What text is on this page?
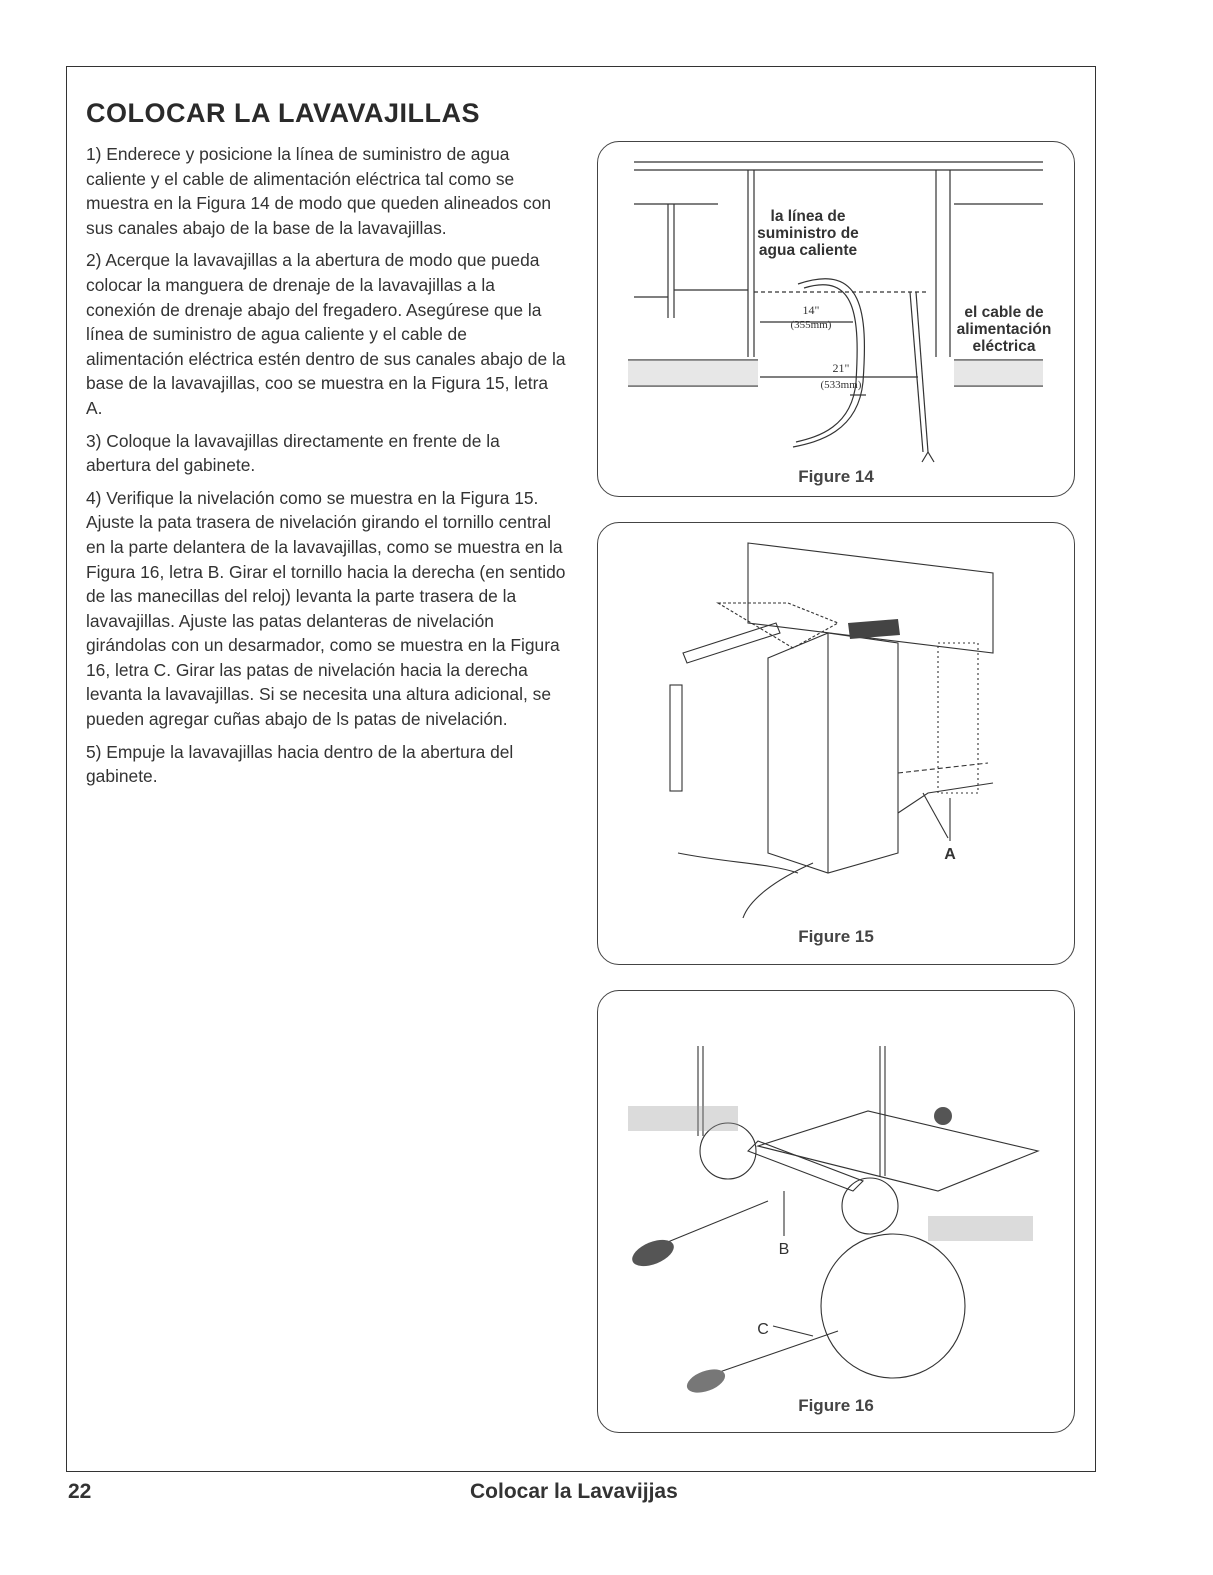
COLOCAR LA LAVAVAJILLAS

1) Enderece y posicione la línea de suministro de agua caliente y el cable de alimentación eléctrica tal como se muestra en la Figura 14 de modo que queden alineados con sus canales abajo de la base de la lavavajillas.

2) Acerque la lavavajillas a la abertura de modo que pueda colocar la manguera de drenaje de la lavavajillas a la conexión de drenaje abajo del fregadero. Asegúrese que la línea de suministro de agua caliente y el cable de alimentación eléctrica estén dentro de sus canales abajo de la base de la lavavajillas, coo se muestra en la Figura 15, letra A.

3) Coloque la lavavajillas directamente en frente de la abertura del gabinete.

4) Verifique la nivelación como se muestra en la Figura 15. Ajuste la pata trasera de nivelación girando el tornillo central en la parte delantera de la lavavajillas, como se muestra en la Figura 16, letra B. Girar el tornillo hacia la derecha (en sentido de las manecillas del reloj) levanta la parte trasera de la lavavajillas. Ajuste las patas delanteras de nivelación girándolas con un desarmador, como se muestra en la Figura 16, letra C. Girar las patas de nivelación hacia la derecha levanta la lavavajillas. Si se necesita una altura adicional, se pueden agregar cuñas abajo de ls patas de nivelación.

5) Empuje la lavavajillas hacia dentro de la abertura del gabinete.

14"
(355mm)
21"
(533mm)
la línea de suministro de agua caliente
el cable de alimentación eléctrica
Figure 14
A
Figure 15
B
C
Figure 16
22	Colocar la Lavavijjas
